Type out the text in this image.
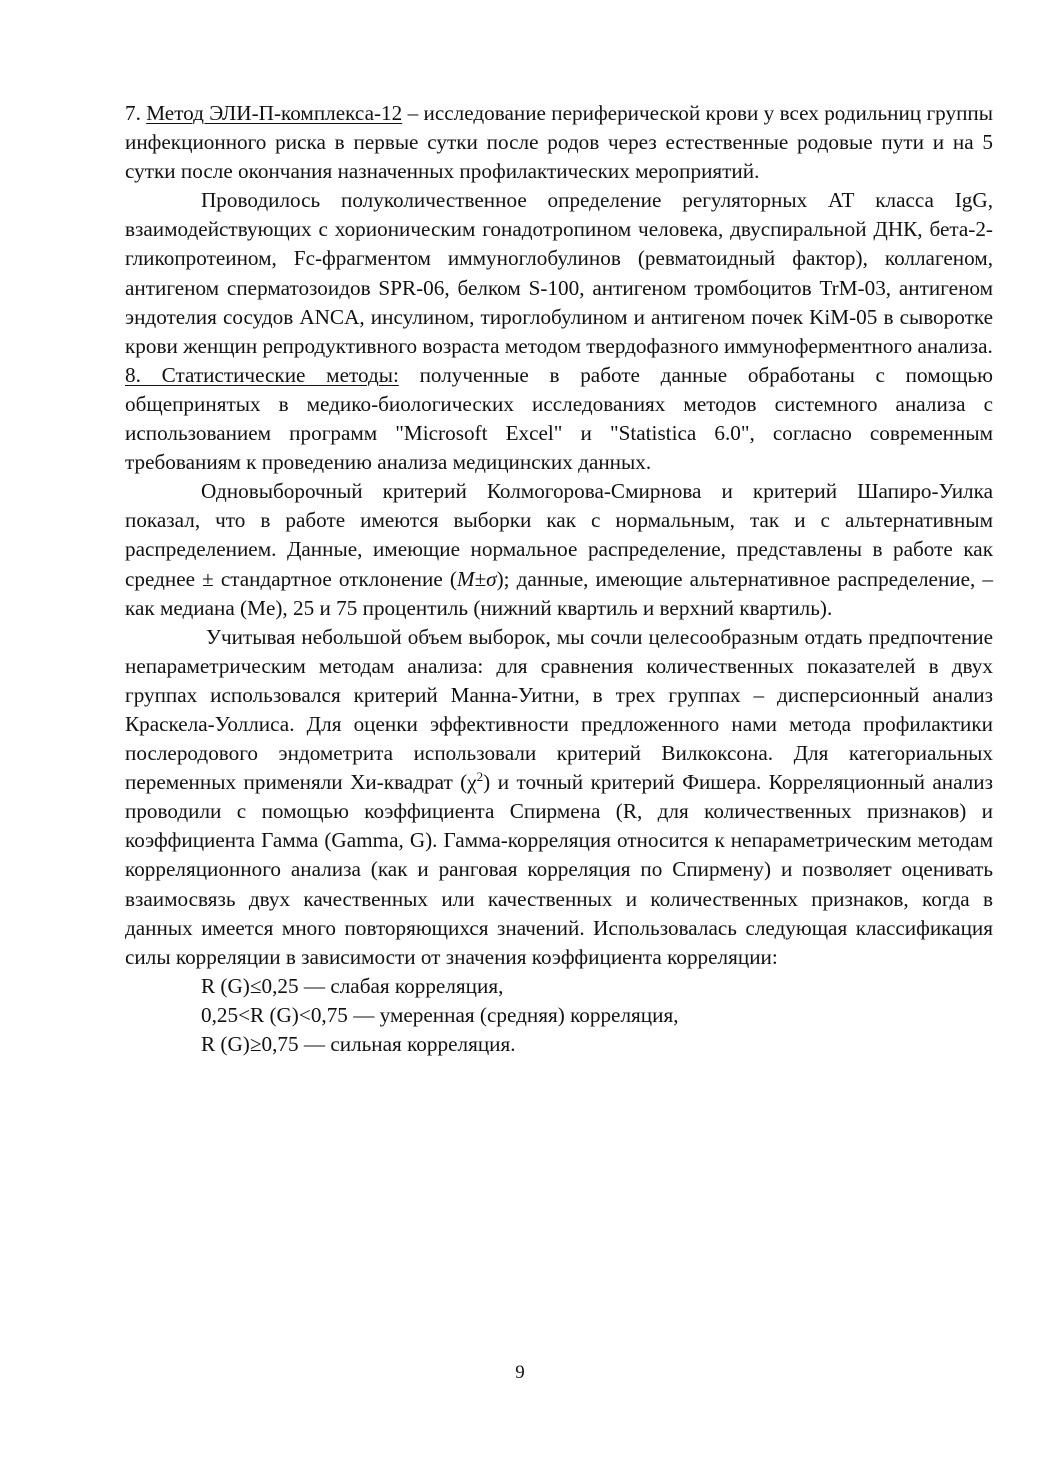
7. Метод ЭЛИ-П-комплекса-12 – исследование периферической крови у всех родильниц группы инфекционного риска в первые сутки после родов через естественные родовые пути и на 5 сутки после окончания назначенных профилактических мероприятий.

Проводилось полуколичественное определение регуляторных АТ класса IgG, взаимодействующих с хорионическим гонадотропином человека, двуспиральной ДНК, бета-2-гликопротеином, Fc-фрагментом иммуноглобулинов (ревматоидный фактор), коллагеном, антигеном сперматозоидов SPR-06, белком S-100, антигеном тромбоцитов TrM-03, антигеном эндотелия сосудов ANCA, инсулином, тироглобулином и антигеном почек KiM-05 в сыворотке крови женщин репродуктивного возраста методом твердофазного иммуноферментного анализа.

8. Статистические методы: полученные в работе данные обработаны с помощью общепринятых в медико-биологических исследованиях методов системного анализа с использованием программ "Microsoft Excel" и "Statistica 6.0", согласно современным требованиям к проведению анализа медицинских данных.

Одновыборочный критерий Колмогорова-Смирнова и критерий Шапиро-Уилка показал, что в работе имеются выборки как с нормальным, так и с альтернативным распределением. Данные, имеющие нормальное распределение, представлены в работе как среднее ± стандартное отклонение (M±σ); данные, имеющие альтернативное распределение, – как медиана (Me), 25 и 75 процентиль (нижний квартиль и верхний квартиль).

Учитывая небольшой объем выборок, мы сочли целесообразным отдать предпочтение непараметрическим методам анализа: для сравнения количественных показателей в двух группах использовался критерий Манна-Уитни, в трех группах – дисперсионный анализ Краскела-Уоллиса. Для оценки эффективности предложенного нами метода профилактики послеродового эндометрита использовали критерий Вилкоксона. Для категориальных переменных применяли Хи-квадрат $(\chi^2)$ и точный критерий Фишера. Корреляционный анализ проводили с помощью коэффициента Спирмена (R, для количественных признаков) и коэффициента Гамма (Gamma, G). Гамма-корреляция относится к непараметрическим методам корреляционного анализа (как и ранговая корреляция по Спирмену) и позволяет оценивать взаимосвязь двух качественных или качественных и количественных признаков, когда в данных имеется много повторяющихся значений. Использовалась следующая классификация силы корреляции в зависимости от значения коэффициента корреляции:

R (G)≤0,25 — слабая корреляция,
0,25<R (G)<0,75 — умеренная (средняя) корреляция,
R (G)≥0,75 — сильная корреляция.
9
